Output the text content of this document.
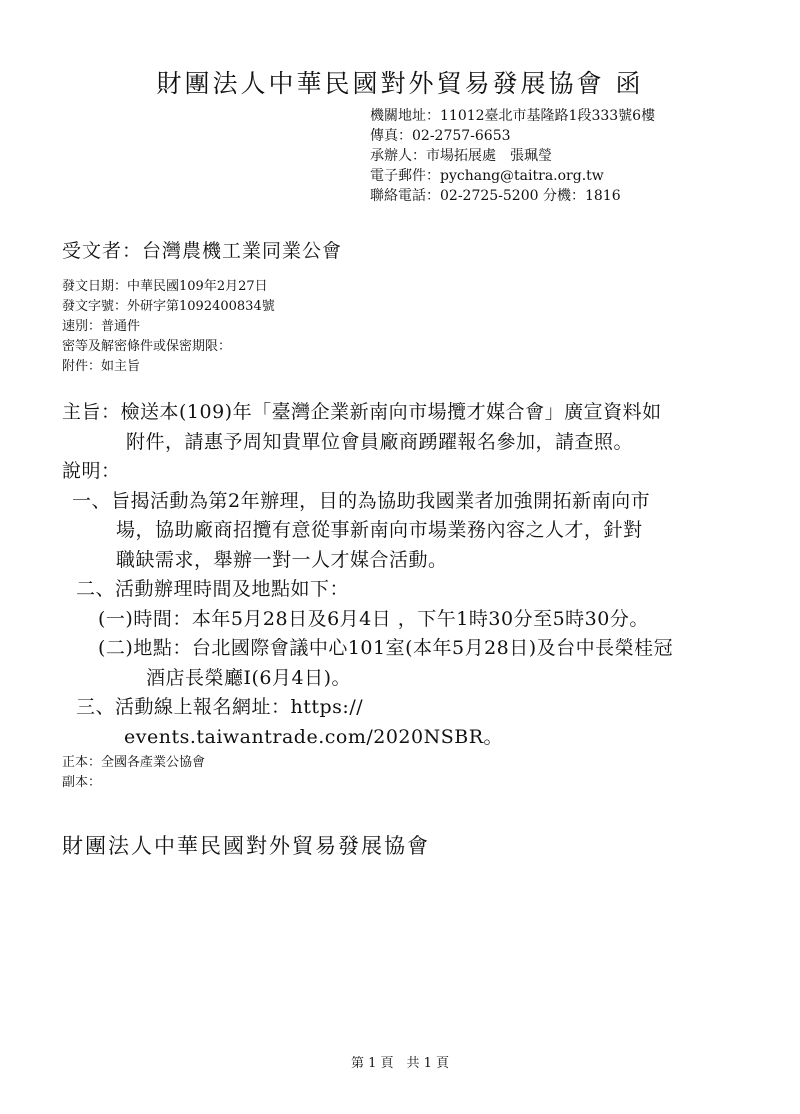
財團法人中華民國對外貿易發展協會 函
機關地址：11012臺北市基隆路1段333號6樓
傳真：02-2757-6653
承辦人：市場拓展處　張珮瑩
電子郵件：pychang@taitra.org.tw
聯絡電話：02-2725-5200 分機：1816
受文者：台灣農機工業同業公會
發文日期：中華民國109年2月27日
發文字號：外研字第1092400834號
速別：普通件
密等及解密條件或保密期限：
附件：如主旨
主旨：檢送本(109)年「臺灣企業新南向市場攬才媒合會」廣宣資料如
附件，請惠予周知貴單位會員廠商踴躍報名參加，請查照。
說明：
一、旨揭活動為第2年辦理，目的為協助我國業者加強開拓新南向市
場，協助廠商招攬有意從事新南向市場業務內容之人才，針對
職缺需求，舉辦一對一人才媒合活動。
二、活動辦理時間及地點如下：
(一)時間：本年5月28日及6月4日 ，下午1時30分至5時30分。
(二)地點：台北國際會議中心101室(本年5月28日)及台中長榮桂冠
酒店長榮廳I(6月4日)。
三、活動線上報名網址：https://
events.taiwantrade.com/2020NSBR。
正本：全國各產業公協會
副本：
財團法人中華民國對外貿易發展協會
第 1 頁　共 1 頁
